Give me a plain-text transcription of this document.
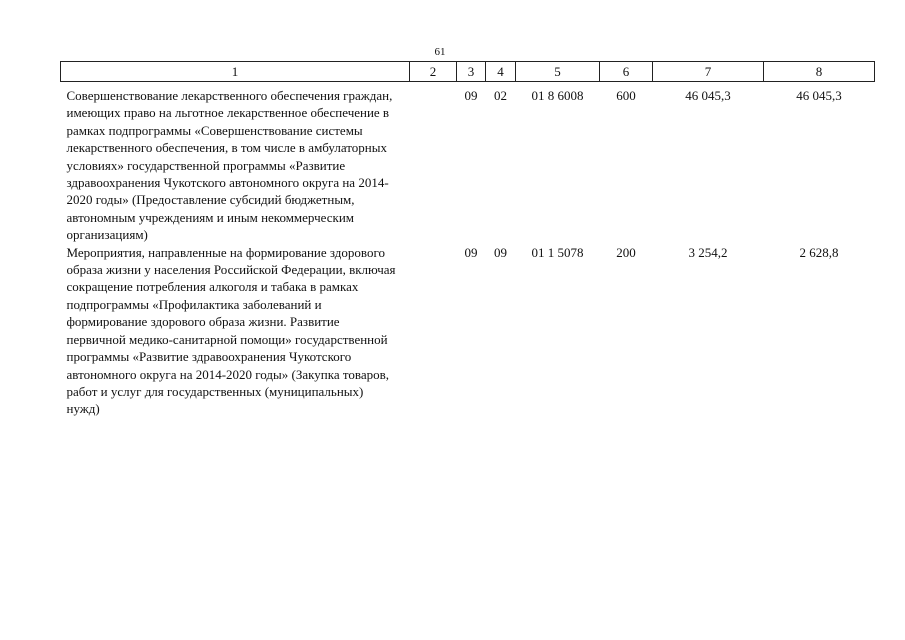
61
1	2	3	4	5	6	7	8
Совершенствование лекарственного обеспечения граждан, имеющих право на льготное лекарственное обеспечение в рамках подпрограммы «Совершенствование системы лекарственного обеспечения, в том числе в амбулаторных условиях» государственной программы «Развитие здравоохранения Чукотского автономного округа на 2014-2020 годы» (Предоставление субсидий бюджетным, автономным учреждениям и иным некоммерческим организациям)		09	02	01 8 6008	600	46 045,3	46 045,3
Мероприятия, направленные на формирование здорового образа жизни у населения Российской Федерации, включая сокращение потребления алкоголя и табака в рамках подпрограммы «Профилактика заболеваний и формирование здорового образа жизни. Развитие первичной медико-санитарной помощи» государственной программы «Развитие здравоохранения Чукотского автономного округа на 2014-2020 годы» (Закупка товаров, работ и услуг для государственных (муниципальных) нужд)		09	09	01 1 5078	200	3 254,2	2 628,8
